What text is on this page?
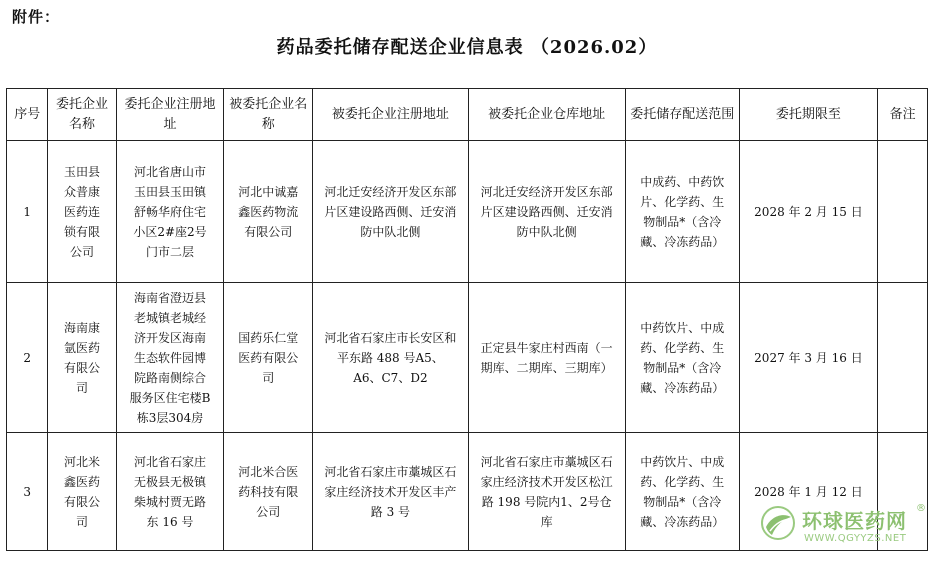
附件：
药品委托储存配送企业信息表 （2026.02）
序号	委托企业名称	委托企业注册地址	被委托企业名称	被委托企业注册地址	被委托企业仓库地址	委托储存配送范围	委托期限至	备注
1	玉田县众普康医药连锁有限公司	河北省唐山市玉田县玉田镇舒畅华府住宅小区2#座2号门市二层	河北中诚嘉鑫医药物流有限公司	河北迁安经济开发区东部片区建设路西侧、迁安消防中队北侧	河北迁安经济开发区东部片区建设路西侧、迁安消防中队北侧	中成药、中药饮片、化学药、生物制品*（含冷藏、冷冻药品）	2028 年 2 月 15 日	
2	海南康氩医药有限公司	海南省澄迈县老城镇老城经济开发区海南生态软件园博院路南侧综合服务区住宅楼B栋3层304房	国药乐仁堂医药有限公司	河北省石家庄市长安区和平东路 488 号A5、A6、C7、D2	正定县牛家庄村西南（一期库、二期库、三期库）	中药饮片、中成药、化学药、生物制品*（含冷藏、冷冻药品）	2027 年 3 月 16 日	
3	河北米鑫医药有限公司	河北省石家庄无极县无极镇柴城村贾无路东 16 号	河北米合医药科技有限公司	河北省石家庄市藁城区石家庄经济技术开发区丰产路 3 号	河北省石家庄市藁城区石家庄经济技术开发区松江路 198 号院内1、2号仓库	中药饮片、中成药、化学药、生物制品*（含冷藏、冷冻药品）	2028 年 1 月 12 日	
环球医药网
®
WWW.QGYYZS.NET
